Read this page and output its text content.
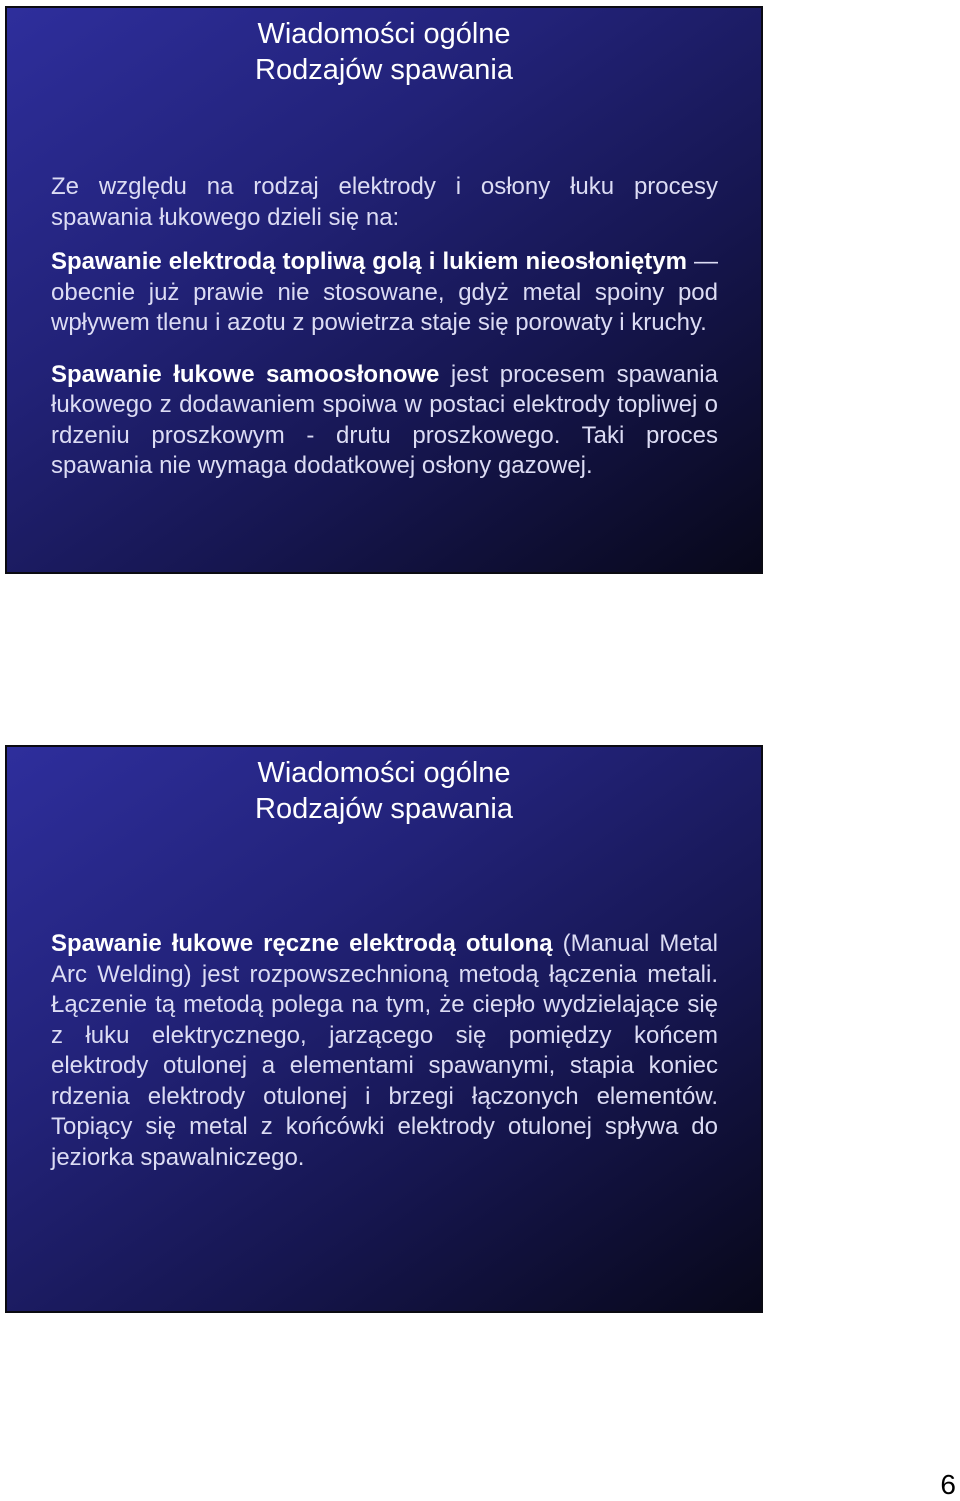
Wiadomości ogólne
Rodzajów spawania

Ze względu na rodzaj elektrody i osłony łuku procesy spawania łukowego dzieli się na:

Spawanie elektrodą topliwą golą i lukiem nieosłoniętym — obecnie już prawie nie stosowane, gdyż metal spoiny pod wpływem tlenu i azotu z powietrza staje się porowaty i kruchy.

Spawanie łukowe samoosłonowe jest procesem spawania łukowego z dodawaniem spoiwa w postaci elektrody topliwej o rdzeniu proszkowym - drutu proszkowego. Taki proces spawania nie wymaga dodatkowej osłony gazowej.

Wiadomości ogólne
Rodzajów spawania

Spawanie łukowe ręczne elektrodą otuloną (Manual Metal Arc Welding) jest rozpowszechnioną metodą łączenia metali. Łączenie tą metodą polega na tym, że ciepło wydzielające się z łuku elektrycznego, jarzącego się pomiędzy końcem elektrody otulonej a elementami spawanymi, stapia koniec rdzenia elektrody otulonej i brzegi łączonych elementów. Topiący się metal z końcówki elektrody otulonej spływa do jeziorka spawalniczego.

6
